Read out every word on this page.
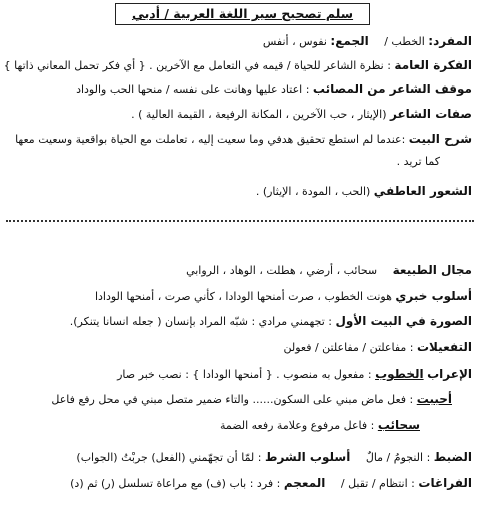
سلم تصحيح سير اللغة العربية / أدبي
المفرد: الخطب / الجمع: نفوس ، أنفس
الفكرة العامة : نظرة الشاعر للحياة / قيمه في التعامل مع الآخرين . { أي فكر تحمل المعاني ذاتها }
موقف الشاعر من المصائب : اعتاد عليها وهانت على نفسه / منحها الحب والوداد
صفات الشاعر (الإيثار ، حب الآخرين ، المكانة الرفيعة ، القيمة العالية ) .
شرح البيت :عندما لم استطع تحقيق هدفي وما سعيت إليه ، تعاملت مع الحياة بواقعية وسعيت معها
كما تريد .
الشعور العاطفي (الحب ، المودة ، الإيثار) .
مجال الطبيعة سحائب ، أرضي ، هطلت ، الوهاد ، الروابي
أسلوب خبري هونت الخطوب ، صرت أمنحها الودادا ، كأني صرت ، أمنحها الودادا
الصورة في البيت الأول : تجهمني مرادي : شبّه المراد بإنسان ( جعله انسانا يتنكر).
التفعيلات : مفاعلتن / مفاعلتن / فعولن
الإعراب الخطوب : مفعول به منصوب . { أمنحها الودادا } : نصب خبر صار
أحببت : فعل ماض مبني على السكون...... والتاء ضمير متصل مبني في محل رفع فاعل
سحائب : فاعل مرفوع وعلامة رفعه الضمة
الضبط : النجومُ / مالٌ أسلوب الشرط : لمّا أن تجهّمني (الفعل) جربْتُ (الجواب)
الفراغات : انتظام / تقبل / المعجم : فرد : باب (ف) مع مراعاة تسلسل (ر) ثم (د)
